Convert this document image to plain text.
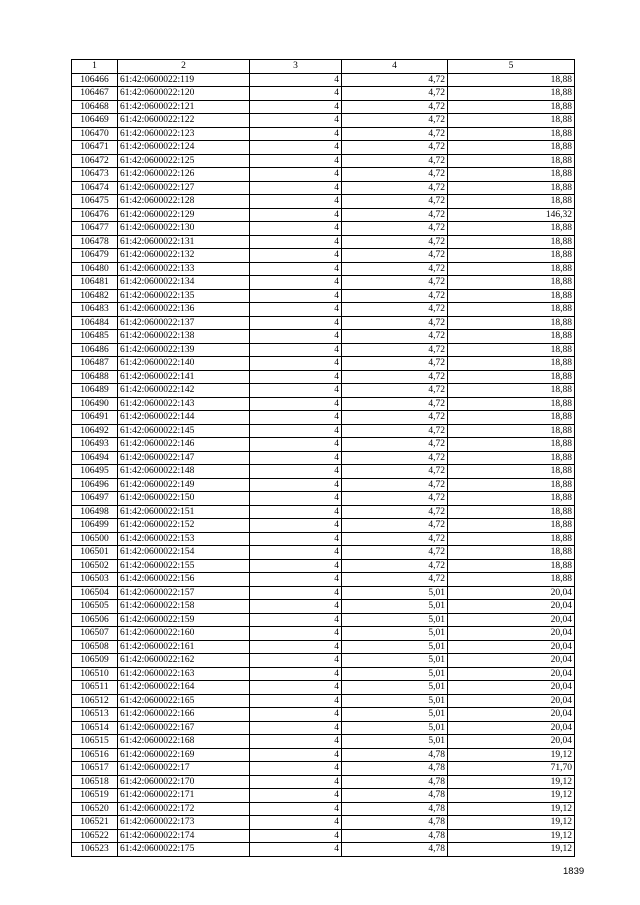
1	2	3	4	5
106466	61:42:0600022:119	4	4,72	18,88
106467	61:42:0600022:120	4	4,72	18,88
106468	61:42:0600022:121	4	4,72	18,88
106469	61:42:0600022:122	4	4,72	18,88
106470	61:42:0600022:123	4	4,72	18,88
106471	61:42:0600022:124	4	4,72	18,88
106472	61:42:0600022:125	4	4,72	18,88
106473	61:42:0600022:126	4	4,72	18,88
106474	61:42:0600022:127	4	4,72	18,88
106475	61:42:0600022:128	4	4,72	18,88
106476	61:42:0600022:129	4	4,72	146,32
106477	61:42:0600022:130	4	4,72	18,88
106478	61:42:0600022:131	4	4,72	18,88
106479	61:42:0600022:132	4	4,72	18,88
106480	61:42:0600022:133	4	4,72	18,88
106481	61:42:0600022:134	4	4,72	18,88
106482	61:42:0600022:135	4	4,72	18,88
106483	61:42:0600022:136	4	4,72	18,88
106484	61:42:0600022:137	4	4,72	18,88
106485	61:42:0600022:138	4	4,72	18,88
106486	61:42:0600022:139	4	4,72	18,88
106487	61:42:0600022:140	4	4,72	18,88
106488	61:42:0600022:141	4	4,72	18,88
106489	61:42:0600022:142	4	4,72	18,88
106490	61:42:0600022:143	4	4,72	18,88
106491	61:42:0600022:144	4	4,72	18,88
106492	61:42:0600022:145	4	4,72	18,88
106493	61:42:0600022:146	4	4,72	18,88
106494	61:42:0600022:147	4	4,72	18,88
106495	61:42:0600022:148	4	4,72	18,88
106496	61:42:0600022:149	4	4,72	18,88
106497	61:42:0600022:150	4	4,72	18,88
106498	61:42:0600022:151	4	4,72	18,88
106499	61:42:0600022:152	4	4,72	18,88
106500	61:42:0600022:153	4	4,72	18,88
106501	61:42:0600022:154	4	4,72	18,88
106502	61:42:0600022:155	4	4,72	18,88
106503	61:42:0600022:156	4	4,72	18,88
106504	61:42:0600022:157	4	5,01	20,04
106505	61:42:0600022:158	4	5,01	20,04
106506	61:42:0600022:159	4	5,01	20,04
106507	61:42:0600022:160	4	5,01	20,04
106508	61:42:0600022:161	4	5,01	20,04
106509	61:42:0600022:162	4	5,01	20,04
106510	61:42:0600022:163	4	5,01	20,04
106511	61:42:0600022:164	4	5,01	20,04
106512	61:42:0600022:165	4	5,01	20,04
106513	61:42:0600022:166	4	5,01	20,04
106514	61:42:0600022:167	4	5,01	20,04
106515	61:42:0600022:168	4	5,01	20,04
106516	61:42:0600022:169	4	4,78	19,12
106517	61:42:0600022:17	4	4,78	71,70
106518	61:42:0600022:170	4	4,78	19,12
106519	61:42:0600022:171	4	4,78	19,12
106520	61:42:0600022:172	4	4,78	19,12
106521	61:42:0600022:173	4	4,78	19,12
106522	61:42:0600022:174	4	4,78	19,12
106523	61:42:0600022:175	4	4,78	19,12
1839
